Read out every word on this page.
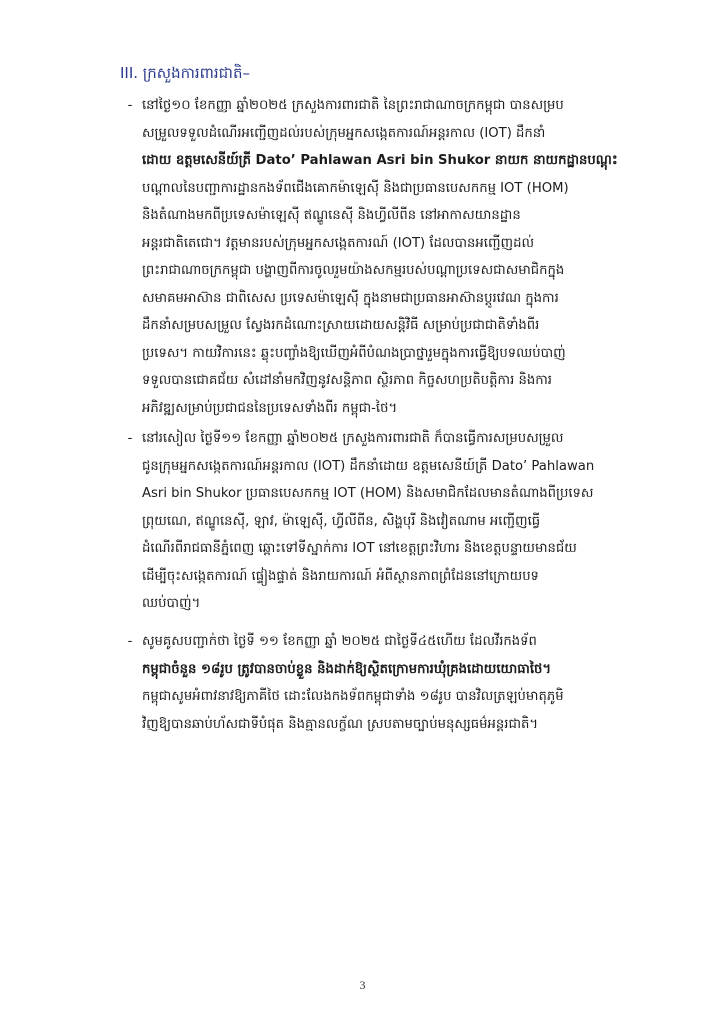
III. ក្រសួងការពារជាតិ–
- នៅថ្ងៃ១០ ខែកញ្ញា ឆ្នាំ២០២៥ ក្រសួងការពារជាតិ នៃព្រះរាជាណាចក្រកម្ពុជា បានសម្រប
សម្រួលទទួលដំណើរអញ្ជើញដល់របស់ក្រុមអ្នកសង្កេតការណ៍អន្តរកាល (IOT) ដឹកនាំ
ដោយ ឧត្តមសេនីយ៍ត្រី Dato’ Pahlawan Asri bin Shukor នាយក នាយកដ្ឋានបណ្តុះ
បណ្តាលនៃបញ្ជាការដ្ឋានកងទ័ពជើងគោកម៉ាឡេស៊ី និងជាប្រធានបេសកកម្ម IOT (HOM)
និងតំណាងមកពីប្រទេសម៉ាឡេស៊ី ឥណ្ឌូនេស៊ី និងហ្វីលីពីន នៅអាកាសយានដ្ឋាន
អន្តរជាតិតេជោ។ វត្តមានរបស់ក្រុមអ្នកសង្កេតការណ៍ (IOT) ដែលបានអញ្ជើញដល់
ព្រះរាជាណាចក្រកម្ពុជា បង្ហាញពីការចូលរួមយ៉ាងសកម្មរបស់បណ្តាប្រទេសជាសមាជិកក្នុង
សមាគមអាស៊ាន ជាពិសេស ប្រទេសម៉ាឡេស៊ី ក្នុងនាមជាប្រធានអាស៊ានប្តូរវេណ ក្នុងការ
ដឹកនាំសម្របសម្រួល ស្វែងរកដំណោះស្រាយដោយសន្តិវិធី សម្រាប់ប្រជាជាតិទាំងពីរ
ប្រទេស។ កាយវិការនេះ ឆ្លុះបញ្ចាំងឱ្យឃើញអំពីបំណងប្រាថ្នារួមក្នុងការធ្វើឱ្យបទឈប់បាញ់
ទទួលបានជោគជ័យ សំដៅនាំមកវិញនូវសន្តិភាព ស្ថិរភាព កិច្ចសហប្រតិបត្តិការ និងការ
អភិវឌ្ឍសម្រាប់ប្រជាជននៃប្រទេសទាំងពីរ កម្ពុជា-ថៃ។
- នៅរសៀល ថ្ងៃទី១១ ខែកញ្ញា ឆ្នាំ២០២៥ ក្រសួងការពារជាតិ ក៏បានធ្វើការសម្របសម្រួល
ជូនក្រុមអ្នកសង្កេតការណ៍អន្តរកាល (IOT) ដឹកនាំដោយ ឧត្តមសេនីយ៍ត្រី Dato’ Pahlawan
Asri bin Shukor ប្រធានបេសកកម្ម IOT (HOM) និងសមាជិកដែលមានតំណាងពីប្រទេស
ព្រុយណេ, ឥណ្ឌូនេស៊ី, ឡាវ, ម៉ាឡេស៊ី, ហ្វីលីពីន, សិង្ហបុរី និងវៀតណាម អញ្ជើញធ្វើ
ដំណើរពីរាជធានីភ្នំពេញ ឆ្ពោះទៅទីស្នាក់ការ IOT នៅខេត្តព្រះវិហារ និងខេត្តបន្ទាយមានជ័យ
ដើម្បីចុះសង្កេតការណ៍ ផ្ទៀងផ្ទាត់ និងរាយការណ៍ អំពីស្ថានភាពព្រំដែននៅក្រោយបទ
ឈប់បាញ់។
- សូមគូសបញ្ជាក់ថា ថ្ងៃទី ១១ ខែកញ្ញា ឆ្នាំ ២០២៥ ជាថ្ងៃទី៤៥ហើយ ដែលវីរកងទ័ព
កម្ពុជាចំនួន ១៨រូប ត្រូវបានចាប់ខ្លួន និងដាក់ឱ្យស្ថិតក្រោមការឃុំគ្រងដោយយោធាថៃ។
កម្ពុជាសូមអំពាវនាវឱ្យភាគីថៃ ដោះលែងកងទ័ពកម្ពុជាទាំង ១៨រូប បានវិលត្រឡប់មាតុភូមិ
វិញឱ្យបានឆាប់ហ័សជាទីបំផុត និងគ្មានលក្ខ័ណ ស្របតាមច្បាប់មនុស្សធម៌អន្តរជាតិ។
3
